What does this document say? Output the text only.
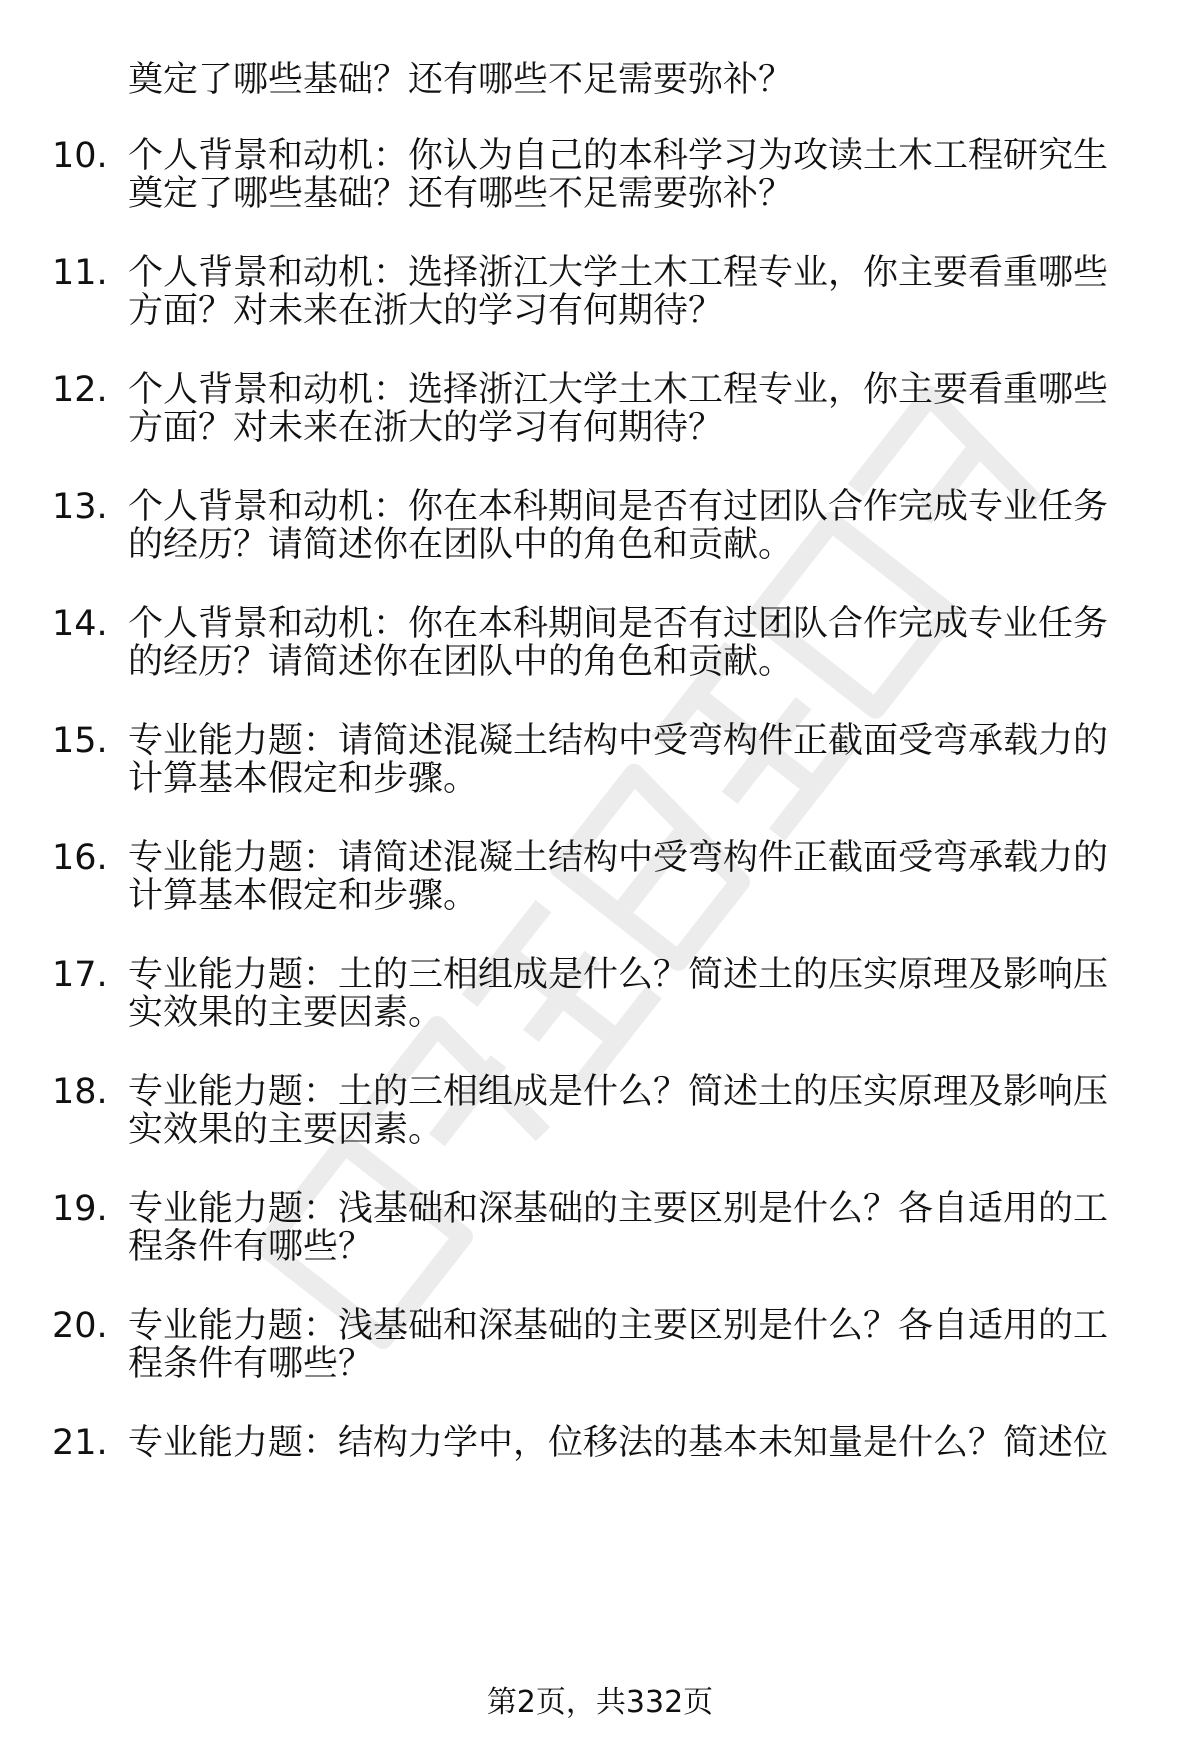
奠定了哪些基础？还有哪些不足需要弥补？
10. 个人背景和动机：你认为自己的本科学习为攻读土木工程研究生
奠定了哪些基础？还有哪些不足需要弥补？
11. 个人背景和动机：选择浙江大学土木工程专业，你主要看重哪些
方面？对未来在浙大的学习有何期待？
12. 个人背景和动机：选择浙江大学土木工程专业，你主要看重哪些
方面？对未来在浙大的学习有何期待？
13. 个人背景和动机：你在本科期间是否有过团队合作完成专业任务
的经历？请简述你在团队中的角色和贡献。
14. 个人背景和动机：你在本科期间是否有过团队合作完成专业任务
的经历？请简述你在团队中的角色和贡献。
15. 专业能力题：请简述混凝土结构中受弯构件正截面受弯承载力的
计算基本假定和步骤。
16. 专业能力题：请简述混凝土结构中受弯构件正截面受弯承载力的
计算基本假定和步骤。
17. 专业能力题：土的三相组成是什么？简述土的压实原理及影响压
实效果的主要因素。
18. 专业能力题：土的三相组成是什么？简述土的压实原理及影响压
实效果的主要因素。
19. 专业能力题：浅基础和深基础的主要区别是什么？各自适用的工
程条件有哪些？
20. 专业能力题：浅基础和深基础的主要区别是什么？各自适用的工
程条件有哪些？
21. 专业能力题：结构力学中，位移法的基本未知量是什么？简述位
第2页，共332页
